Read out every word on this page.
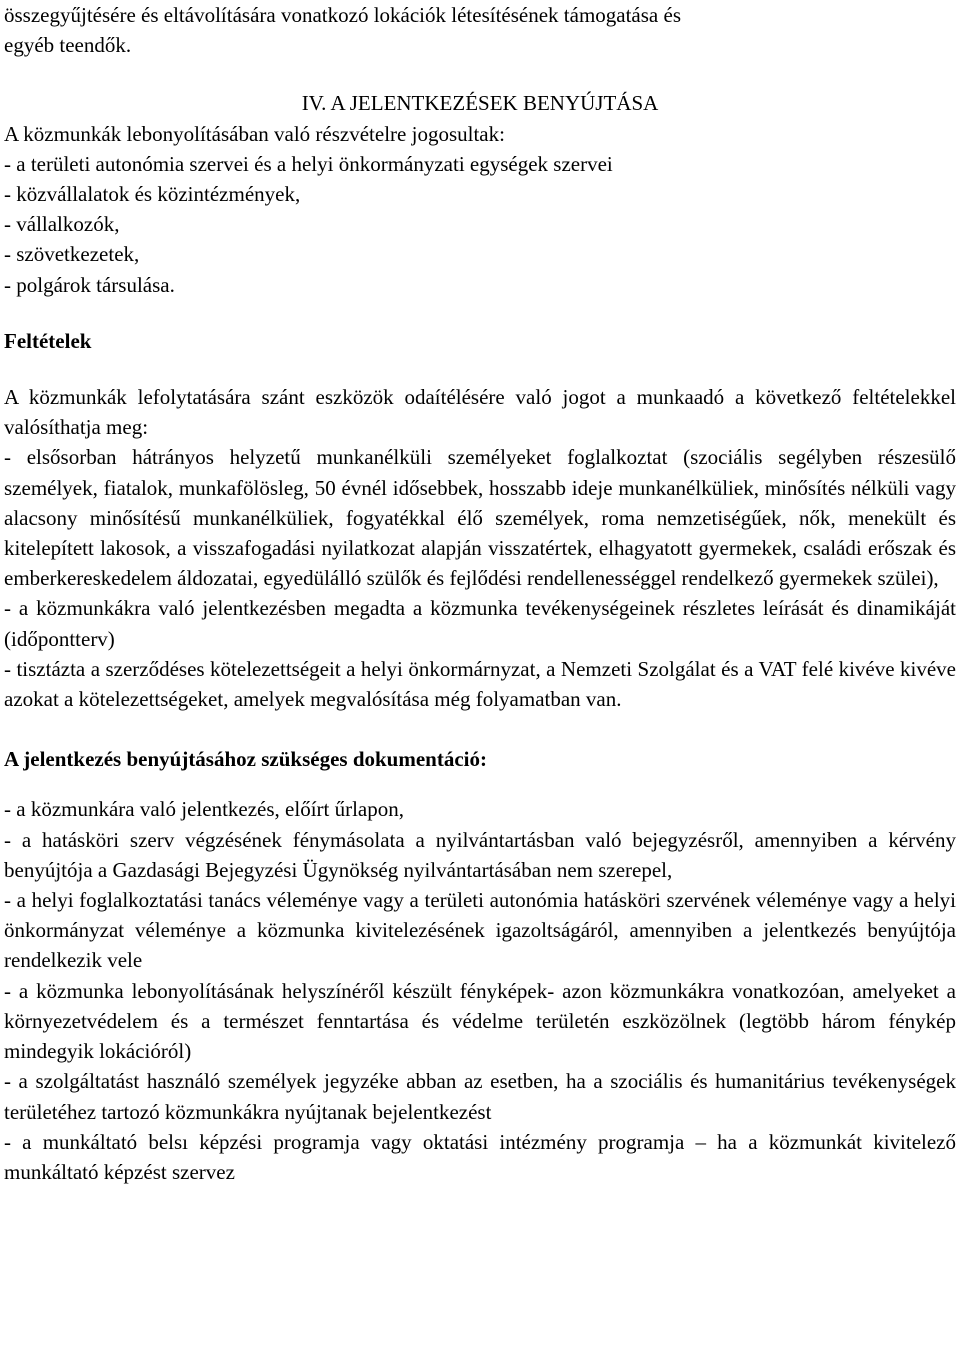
összegyűjtésére és eltávolítására vonatkozó lokációk létesítésének támogatása és

egyéb teendők.

IV. A JELENTKEZÉSEK BENYÚJTÁSA

A közmunkák lebonyolításában való részvételre jogosultak:

- a területi autonómia szervei és a helyi önkormányzati egységek szervei

- közvállalatok és közintézmények,

- vállalkozók,

- szövetkezetek,

- polgárok társulása.

Feltételek

A közmunkák lefolytatására szánt eszközök odaítélésére való jogot a munkaadó a következő feltételekkel valósíthatja meg:

- elsősorban hátrányos helyzetű munkanélküli személyeket foglalkoztat (szociális segélyben részesülő személyek, fiatalok, munkafölösleg, 50 évnél idősebbek, hosszabb ideje munkanélküliek, minősítés nélküli vagy alacsony minősítésű munkanélküliek, fogyatékkal élő személyek, roma nemzetiségűek, nők, menekült és kitelepített lakosok, a visszafogadási nyilatkozat alapján visszatértek, elhagyatott gyermekek, családi erőszak és emberkereskedelem áldozatai, egyedülálló szülők és fejlődési rendellenességgel rendelkező gyermekek szülei),

- a közmunkákra való jelentkezésben megadta a közmunka tevékenységeinek részletes leírását és dinamikáját (időpontterv)

- tisztázta a szerződéses kötelezettségeit a helyi önkormárnyzat, a Nemzeti Szolgálat és a VAT felé kivéve kivéve azokat a kötelezettségeket, amelyek megvalósítása még folyamatban van.

A jelentkezés benyújtásához szükséges dokumentáció:

- a közmunkára való jelentkezés, előírt űrlapon,

- a hatásköri szerv végzésének fénymásolata a nyilvántartásban való bejegyzésről, amennyiben a kérvény benyújtója a Gazdasági Bejegyzési Ügynökség nyilvántartásában nem szerepel,

- a helyi foglalkoztatási tanács véleménye vagy a területi autonómia hatásköri szervének véleménye vagy a helyi önkormányzat véleménye a közmunka kivitelezésének igazoltságáról, amennyiben a jelentkezés benyújtója rendelkezik vele

- a közmunka lebonyolításának helyszínéről készült fényképek- azon közmunkákra vonatkozóan, amelyeket a környezetvédelem és a természet fenntartása és védelme területén eszközölnek (legtöbb három fénykép mindegyik lokációról)

- a szolgáltatást használó személyek jegyzéke abban az esetben, ha a szociális és humanitárius tevékenységek területéhez tartozó közmunkákra nyújtanak bejelentkezést

- a munkáltató belsı képzési programja vagy oktatási intézmény programja – ha a közmunkát kivitelező munkáltató képzést szervez
